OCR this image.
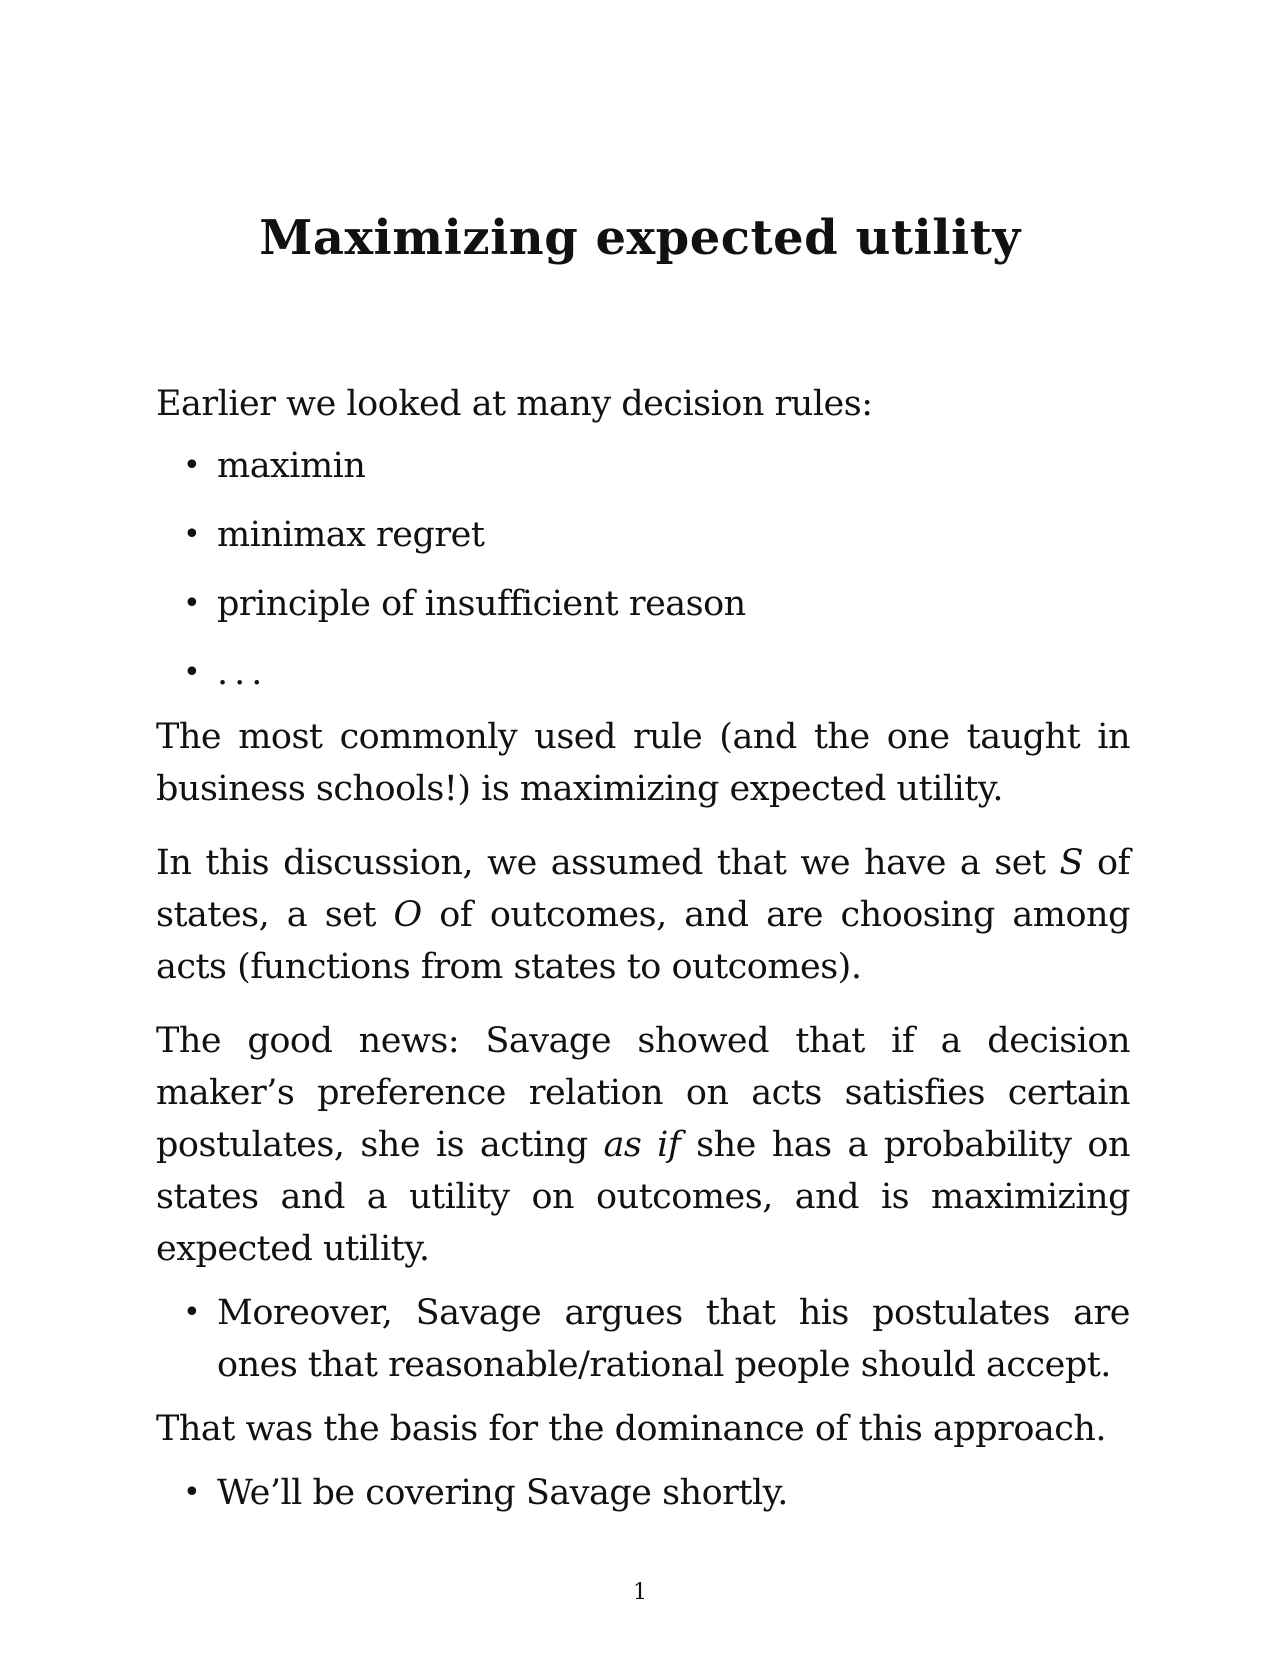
Maximizing expected utility

Earlier we looked at many decision rules:

• maximin
• minimax regret
• principle of insufficient reason
• ...

The most commonly used rule (and the one taught in business schools!) is maximizing expected utility.

In this discussion, we assumed that we have a set S of states, a set O of outcomes, and are choosing among acts (functions from states to outcomes).

The good news: Savage showed that if a decision maker’s preference relation on acts satisfies certain postulates, she is acting as if she has a probability on states and a utility on outcomes, and is maximizing expected utility.

• Moreover, Savage argues that his postulates are ones that reasonable/rational people should accept.

That was the basis for the dominance of this approach.

• We’ll be covering Savage shortly.
1
